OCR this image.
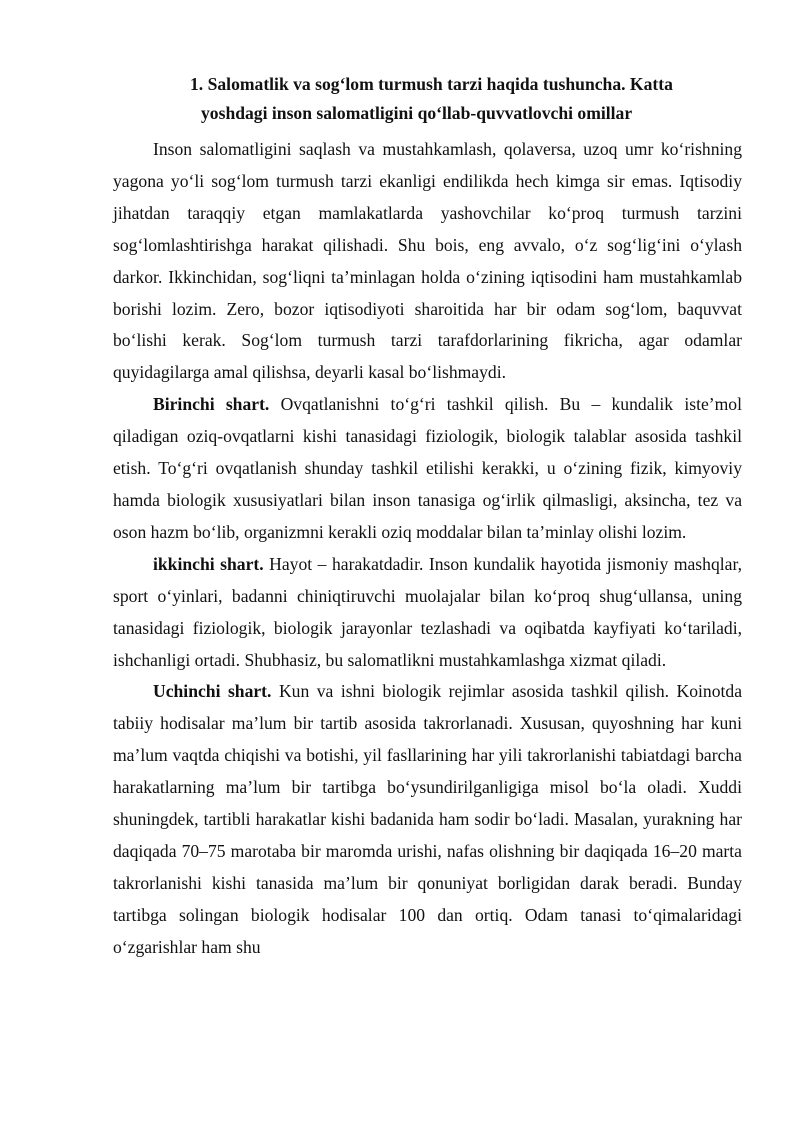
1. Salomatlik va sog‘lom turmush tarzi haqida tushuncha. Katta
yoshdagi inson salomatligini qo‘llab-quvvatlovchi omillar

Inson salomatligini saqlash va mustahkamlash, qolaversa, uzoq umr ko‘rishning yagona yo‘li sog‘lom turmush tarzi ekanligi endilikda hech kimga sir emas. Iqtisodiy jihatdan taraqqiy etgan mamlakatlarda yashovchilar ko‘proq turmush tarzini sog‘lomlashtirishga harakat qilishadi. Shu bois, eng avvalo, o‘z sog‘lig‘ini o‘ylash darkor. Ikkinchidan, sog‘liqni ta’minlagan holda o‘zining iqtisodini ham mustahkamlab borishi lozim. Zero, bozor iqtisodiyoti sharoitida har bir odam sog‘lom, baquvvat bo‘lishi kerak. Sog‘lom turmush tarzi tarafdorlarining fikricha, agar odamlar quyidagilarga amal qilishsa, deyarli kasal bo‘lishmaydi.

Birinchi shart. Ovqatlanishni to‘g‘ri tashkil qilish. Bu – kundalik iste’mol qiladigan oziq-ovqatlarni kishi tanasidagi fiziologik, biologik talablar asosida tashkil etish. To‘g‘ri ovqatlanish shunday tashkil etilishi kerakki, u o‘zining fizik, kimyoviy hamda biologik xususiyatlari bilan inson tanasiga og‘irlik qilmasligi, aksincha, tez va oson hazm bo‘lib, organizmni kerakli oziq moddalar bilan ta’minlay olishi lozim.

ikkinchi shart. Hayot – harakatdadir. Inson kundalik hayotida jismoniy mashqlar, sport o‘yinlari, badanni chiniqtiruvchi muolajalar bilan ko‘proq shug‘ullansa, uning tanasidagi fiziologik, biologik jarayonlar tezlashadi va oqibatda kayfiyati ko‘tariladi, ishchanligi ortadi. Shubhasiz, bu salomatlikni mustahkamlashga xizmat qiladi.

Uchinchi shart. Kun va ishni biologik rejimlar asosida tashkil qilish. Koinotda tabiiy hodisalar ma’lum bir tartib asosida takrorlanadi. Xususan, quyoshning har kuni ma’lum vaqtda chiqishi va botishi, yil fasllarining har yili takrorlanishi tabiatdagi barcha harakatlarning ma’lum bir tartibga bo‘ysundirilganligiga misol bo‘la oladi. Xuddi shuningdek, tartibli harakatlar kishi badanida ham sodir bo‘ladi. Masalan, yurakning har daqiqada 70–75 marotaba bir maromda urishi, nafas olishning bir daqiqada 16–20 marta takrorlanishi kishi tanasida ma’lum bir qonuniyat borligidan darak beradi. Bunday tartibga solingan biologik hodisalar 100 dan ortiq. Odam tanasi to‘qimalaridagi o‘zgarishlar ham shu
